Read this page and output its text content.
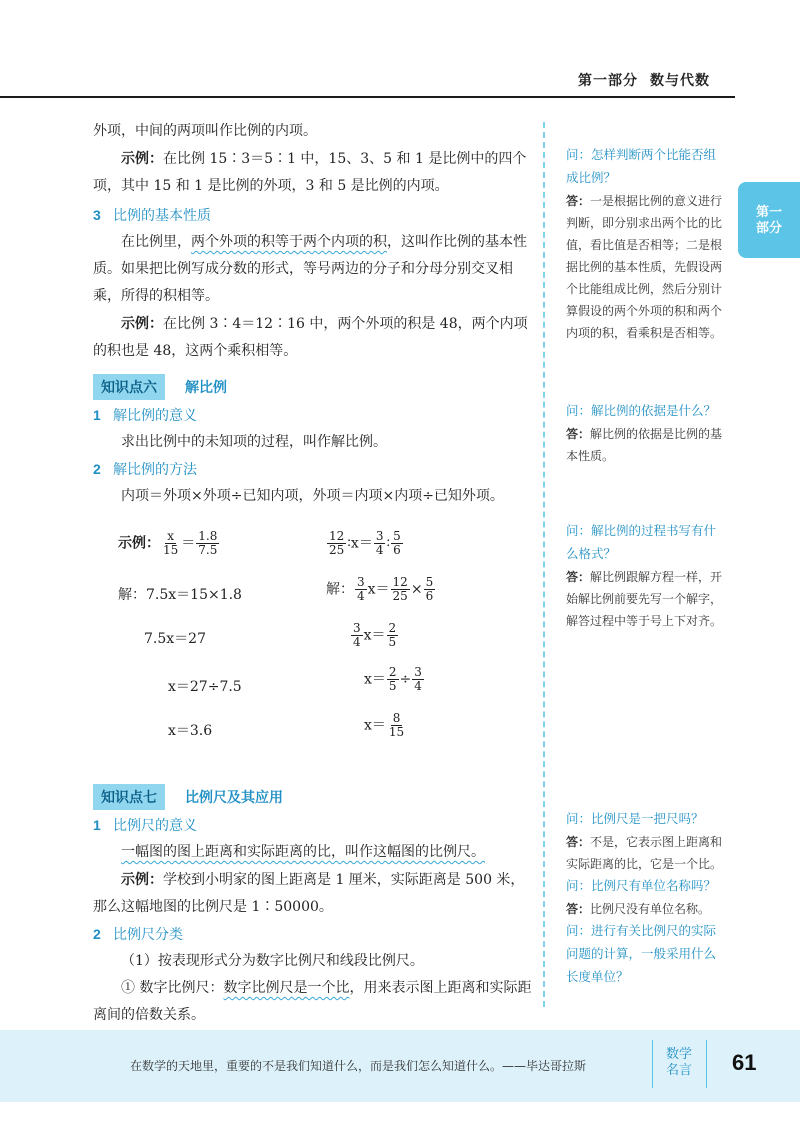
第一部分 数与代数
第一
部分
外项，中间的两项叫作比例的内项。
示例：在比例 15∶3＝5∶1 中，15、3、5 和 1 是比例中的四个项，其中 15 和 1 是比例的外项，3 和 5 是比例的内项。
3 比例的基本性质
在比例里，两个外项的积等于两个内项的积，这叫作比例的基本性质。如果把比例写成分数的形式，等号两边的分子和分母分别交叉相乘，所得的积相等。
示例：在比例 3∶4＝12∶16 中，两个外项的积是 48，两个内项的积也是 48，这两个乘积相等。
知识点六	解比例
1 解比例的意义
求出比例中的未知项的过程，叫作解比例。
2 解比例的方法
内项＝外项×外项÷已知内项，外项＝内项×内项÷已知外项。
示例： $\frac{x}{15} = \frac{1.8}{7.5}$
解：7.5x＝15×1.8
7.5x＝27
x＝27÷7.5
x＝3.6
$\frac{12}{25}$ ∶x＝ $\frac{3}{4}$ ∶ $\frac{5}{6}$
解： $\frac{3}{4} x= \frac{12}{25} \times \frac{5}{6}$
$\frac{3}{4} x= \frac{2}{5}$
$x= \frac{2}{5} \div \frac{3}{4}$
$x= \frac{8}{15}$
知识点七	比例尺及其应用
1 比例尺的意义
一幅图的图上距离和实际距离的比，叫作这幅图的比例尺。
示例：学校到小明家的图上距离是 1 厘米，实际距离是 500 米，那么这幅地图的比例尺是 1∶50000。
2 比例尺分类
（1）按表现形式分为数字比例尺和线段比例尺。
① 数字比例尺：数字比例尺是一个比，用来表示图上距离和实际距离间的倍数关系。
问：怎样判断两个比能否组成比例？
答：一是根据比例的意义进行判断，即分别求出两个比的比值，看比值是否相等；二是根据比例的基本性质，先假设两个比能组成比例，然后分别计算假设的两个外项的积和两个内项的积，看乘积是否相等。
问：解比例的依据是什么？
答：解比例的依据是比例的基本性质。
问：解比例的过程书写有什么格式？
答：解比例跟解方程一样，开始解比例前要先写一个解字，解答过程中等于号上下对齐。
问：比例尺是一把尺吗？
答：不是，它表示图上距离和实际距离的比，它是一个比。
问：比例尺有单位名称吗？
答：比例尺没有单位名称。
问：进行有关比例尺的实际问题的计算，一般采用什么长度单位？
在数学的天地里，重要的不是我们知道什么，而是我们怎么知道什么。——毕达哥拉斯
数学名言 61
